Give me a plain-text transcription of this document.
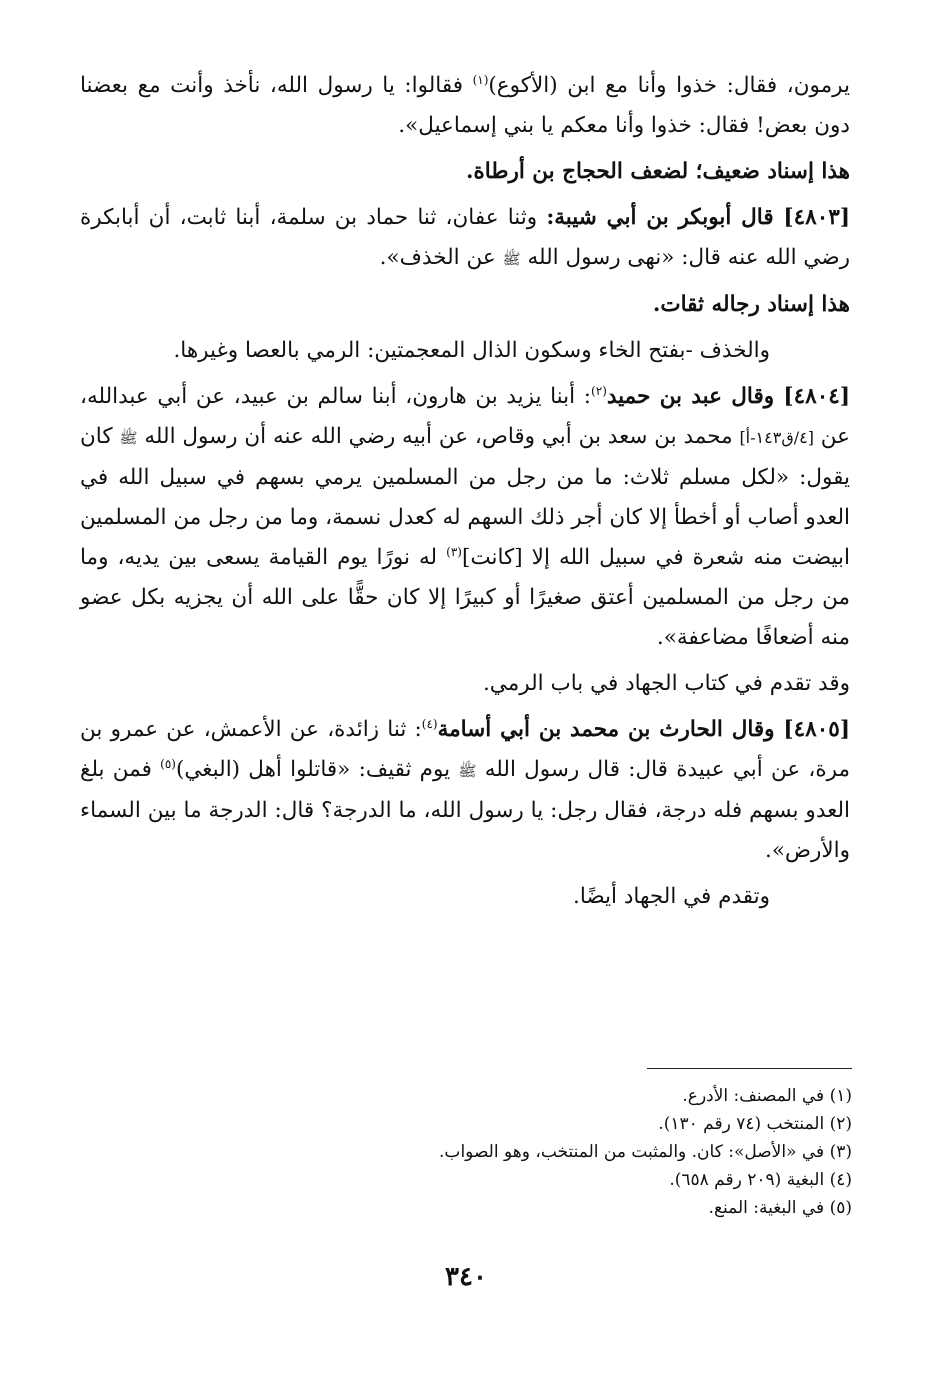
يرمون، فقال: خذوا وأنا مع ابن (الأكوع)$^{(١)}$ فقالوا: يا رسول الله، نأخذ وأنت مع بعضنا دون بعض! فقال: خذوا وأنا معكم يا بني إسماعيل».

هذا إسناد ضعيف؛ لضعف الحجاج بن أرطاة.

[٤٨٠٣] قال أبوبكر بن أبي شيبة: وثنا عفان، ثنا حماد بن سلمة، أبنا ثابت، أن أبابكرة رضي الله عنه قال: «نهى رسول الله ﷺ عن الخذف».

هذا إسناد رجاله ثقات.

والخذف -بفتح الخاء وسكون الذال المعجمتين: الرمي بالعصا وغيرها.

[٤٨٠٤] وقال عبد بن حميد$^{(٢)}$: أبنا يزيد بن هارون، أبنا سالم بن عبيد، عن أبي عبدالله، عن [٤/ق١٤٣-أ] محمد بن سعد بن أبي وقاص، عن أبيه رضي الله عنه أن رسول الله ﷺ كان يقول: «لكل مسلم ثلاث: ما من رجل من المسلمين يرمي بسهم في سبيل الله في العدو أصاب أو أخطأ إلا كان أجر ذلك السهم له كعدل نسمة، وما من رجل من المسلمين ابيضت منه شعرة في سبيل الله إلا [كانت]$^{(٣)}$ له نورًا يوم القيامة يسعى بين يديه، وما من رجل من المسلمين أعتق صغيرًا أو كبيرًا إلا كان حقًّا على الله أن يجزيه بكل عضو منه أضعافًا مضاعفة».

وقد تقدم في كتاب الجهاد في باب الرمي.

[٤٨٠٥] وقال الحارث بن محمد بن أبي أسامة$^{(٤)}$: ثنا زائدة، عن الأعمش، عن عمرو بن مرة، عن أبي عبيدة قال: قال رسول الله ﷺ يوم ثقيف: «قاتلوا أهل (البغي)$^{(٥)}$ فمن بلغ العدو بسهم فله درجة، فقال رجل: يا رسول الله، ما الدرجة؟ قال: الدرجة ما بين السماء والأرض».

وتقدم في الجهاد أيضًا.

(١) في المصنف: الأدرع.
(٢) المنتخب (٧٤ رقم ١٣٠).
(٣) في «الأصل»: كان. والمثبت من المنتخب، وهو الصواب.
(٤) البغية (٢٠٩ رقم ٦٥٨).
(٥) في البغية: المنع.
٣٤٠
